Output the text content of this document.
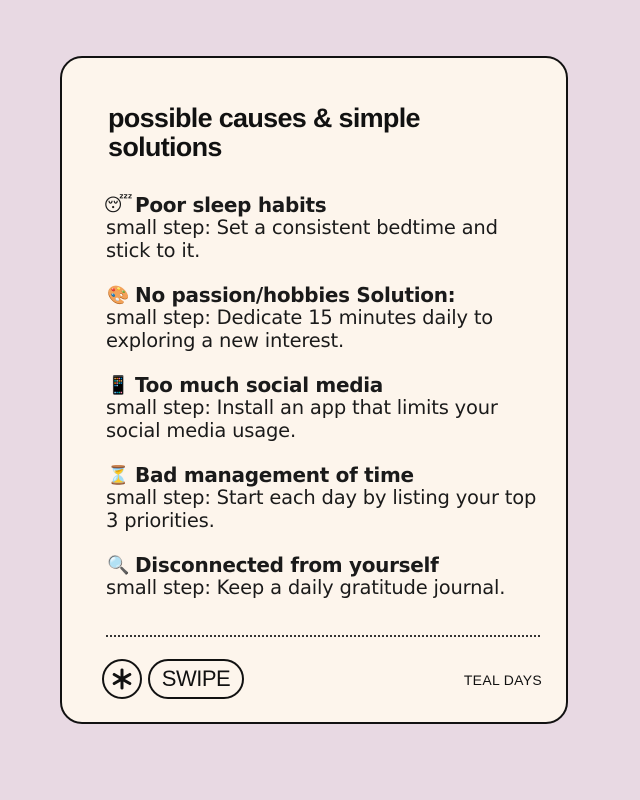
possible causes & simple solutions
😴 Poor sleep habits
small step: Set a consistent bedtime and stick to it.
🎨 No passion/hobbies Solution:
small step: Dedicate 15 minutes daily to exploring a new interest.
📱 Too much social media
small step: Install an app that limits your social media usage.
⏳ Bad management of time
small step: Start each day by listing your top 3 priorities.
🔍 Disconnected from yourself
small step: Keep a daily gratitude journal.
SWIPE	TEAL DAYS
